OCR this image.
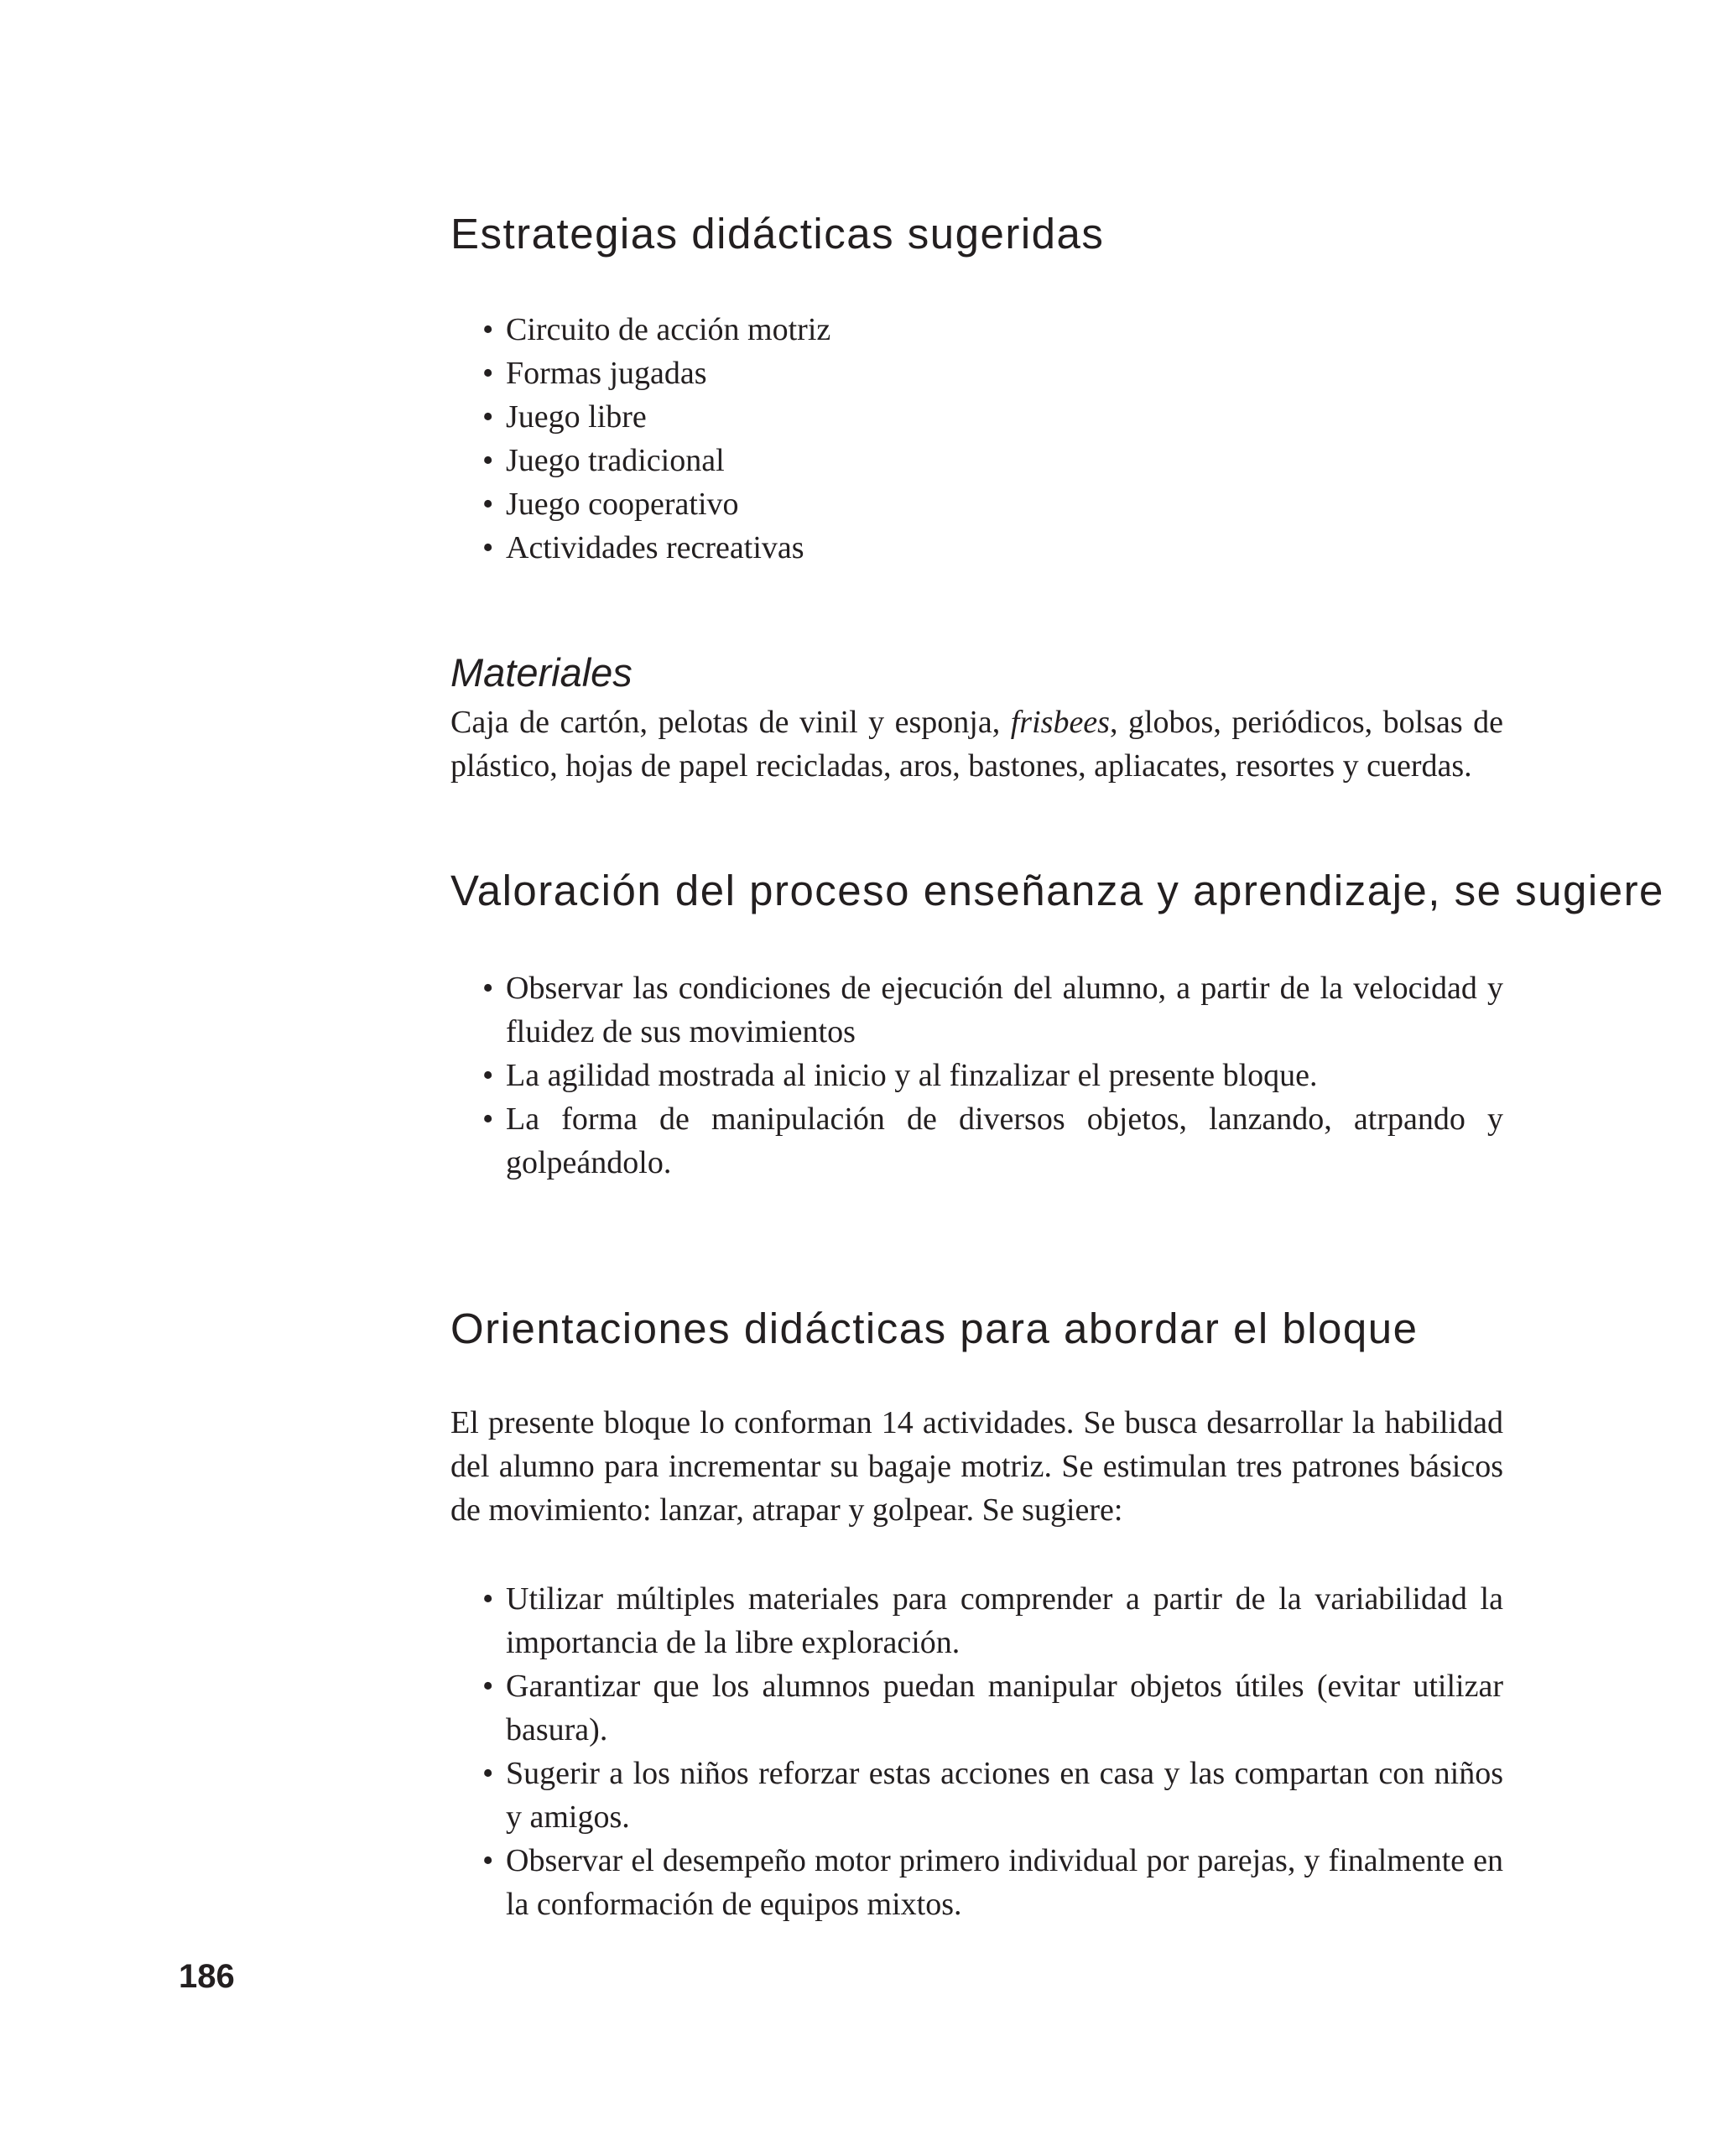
Estrategias didácticas sugeridas
• Circuito de acción motriz
• Formas jugadas
• Juego libre
• Juego tradicional
• Juego cooperativo
• Actividades recreativas
Materiales

Caja de cartón, pelotas de vinil y esponja, frisbees, globos, periódicos, bolsas de plástico, hojas de papel recicladas, aros, bastones, apliacates, resortes y cuerdas.

Valoración del proceso enseñanza y aprendizaje, se sugiere
• Observar las condiciones de ejecución del alumno, a partir de la velocidad y fluidez de sus movimientos
• La agilidad mostrada al inicio y al finzalizar el presente bloque.
• La forma de manipulación de diversos objetos, lanzando, atrpando y golpeándolo.
Orientaciones didácticas para abordar el bloque

El presente bloque lo conforman 14 actividades. Se busca desarrollar la habilidad del alumno para incrementar su bagaje motriz. Se estimulan tres patrones básicos de movimiento: lanzar, atrapar y golpear. Se sugiere:

• Utilizar múltiples materiales para comprender a partir de la variabilidad la importancia de la libre exploración.
• Garantizar que los alumnos puedan manipular objetos útiles (evitar utilizar basura).
• Sugerir a los niños reforzar estas acciones en casa y las compartan con niños y amigos.
• Observar el desempeño motor primero individual por parejas, y finalmente en la conformación de equipos mixtos.

186
